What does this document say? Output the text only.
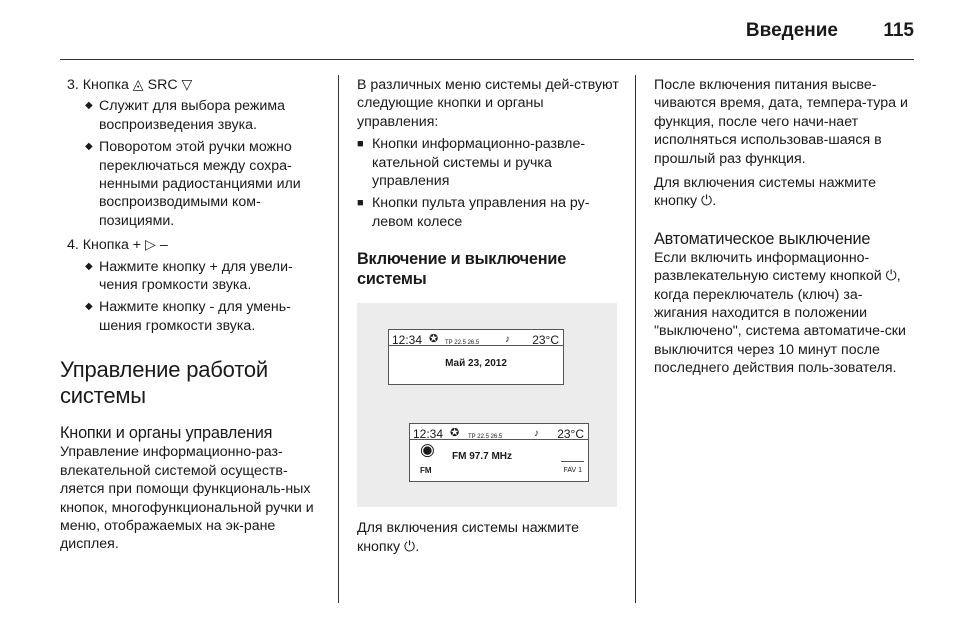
Введение 115

3. Кнопка ◬ SRC ▽

◆ Служит для выбора режима воспроизведения звука.

◆ Поворотом этой ручки можно переключаться между сохра-ненными радиостанциями или воспроизводимыми ком-позициями.

4. Кнопка + ▷ –

◆ Нажмите кнопку + для увели-чения громкости звука.

◆ Нажмите кнопку - для умень-шения громкости звука.

Управление работой системы
Кнопки и органы управления

Управление информационно-раз-влекательной системой осуществ-ляется при помощи функциональ-ных кнопок, многофункциональной ручки и меню, отображаемых на эк-ране дисплея.

В различных меню системы дей-ствуют следующие кнопки и органы управления:

■ Кнопки информационно-развле-кательной системы и ручка управления

■ Кнопки пульта управления на ру-левом колесе

Включение и выключение системы
12:34 ✪ TP 22.5 26.5	♪ 23°C
Май 23, 2012
12:34 ✪ TP 22.5 26.5	♪ 23°C
◉
FM
FM 97.7 MHz
FAV 1

Для включения системы нажмите кнопку ⏻.

После включения питания высве-чиваются время, дата, темпера-тура и функция, после чего начи-нает исполняться использовав-шаяся в прошлый раз функция.

Для включения системы нажмите кнопку ⏻.

Автоматическое выключение

Если включить информационно-развлекательную систему кнопкой ⏻, когда переключатель (ключ) за-жигания находится в положении "выключено", система автоматиче-ски выключится через 10 минут после последнего действия поль-зователя.
